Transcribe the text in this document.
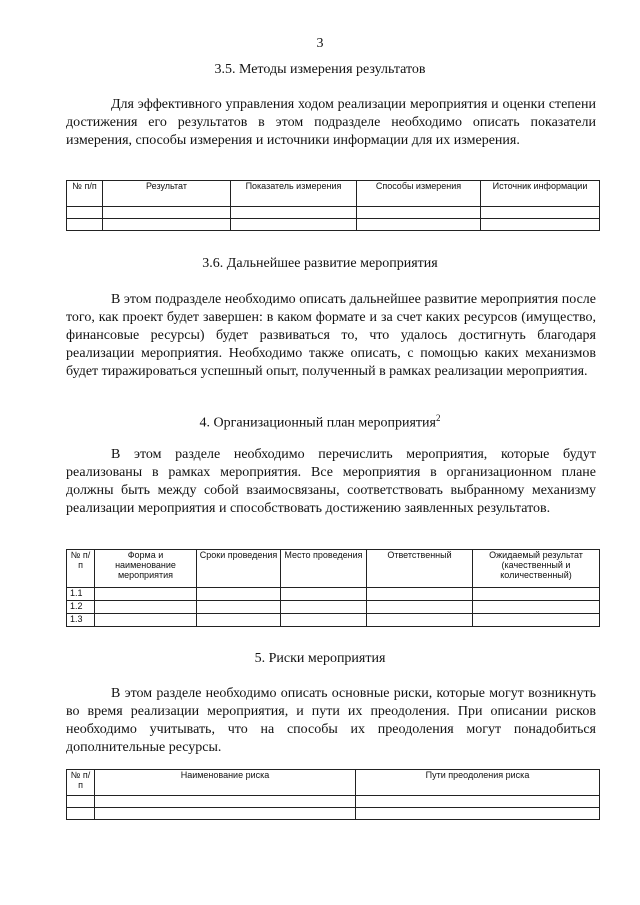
3
3.5. Методы измерения результатов

Для эффективного управления ходом реализации мероприятия и оценки степени достижения его результатов в этом подразделе необходимо описать показатели измерения, способы измерения и источники информации для их измерения.

№ п/п	Результат	Показатель измерения	Способы измерения	Источник информации

3.6. Дальнейшее развитие мероприятия

В этом подразделе необходимо описать дальнейшее развитие мероприятия после того, как проект будет завершен: в каком формате и за счет каких ресурсов (имущество, финансовые ресурсы) будет развиваться то, что удалось достигнуть благодаря реализации мероприятия. Необходимо также описать, с помощью каких механизмов будет тиражироваться успешный опыт, полученный в рамках реализации мероприятия.

4. Организационный план мероприятия$^2$

В этом разделе необходимо перечислить мероприятия, которые будут реализованы в рамках мероприятия. Все мероприятия в организационном плане должны быть между собой взаимосвязаны, соответствовать выбранному механизму реализации мероприятия и способствовать достижению заявленных результатов.

№ п/п	Форма и наименование мероприятия	Сроки проведения	Место проведения	Ответственный	Ожидаемый результат (качественный и количественный)
1.1					
1.2					
1.3					
5. Риски мероприятия

В этом разделе необходимо описать основные риски, которые могут возникнуть во время реализации мероприятия, и пути их преодоления. При описании рисков необходимо учитывать, что на способы их преодоления могут понадобиться дополнительные ресурсы.

№ п/п	Наименование риска	Пути преодоления риска
